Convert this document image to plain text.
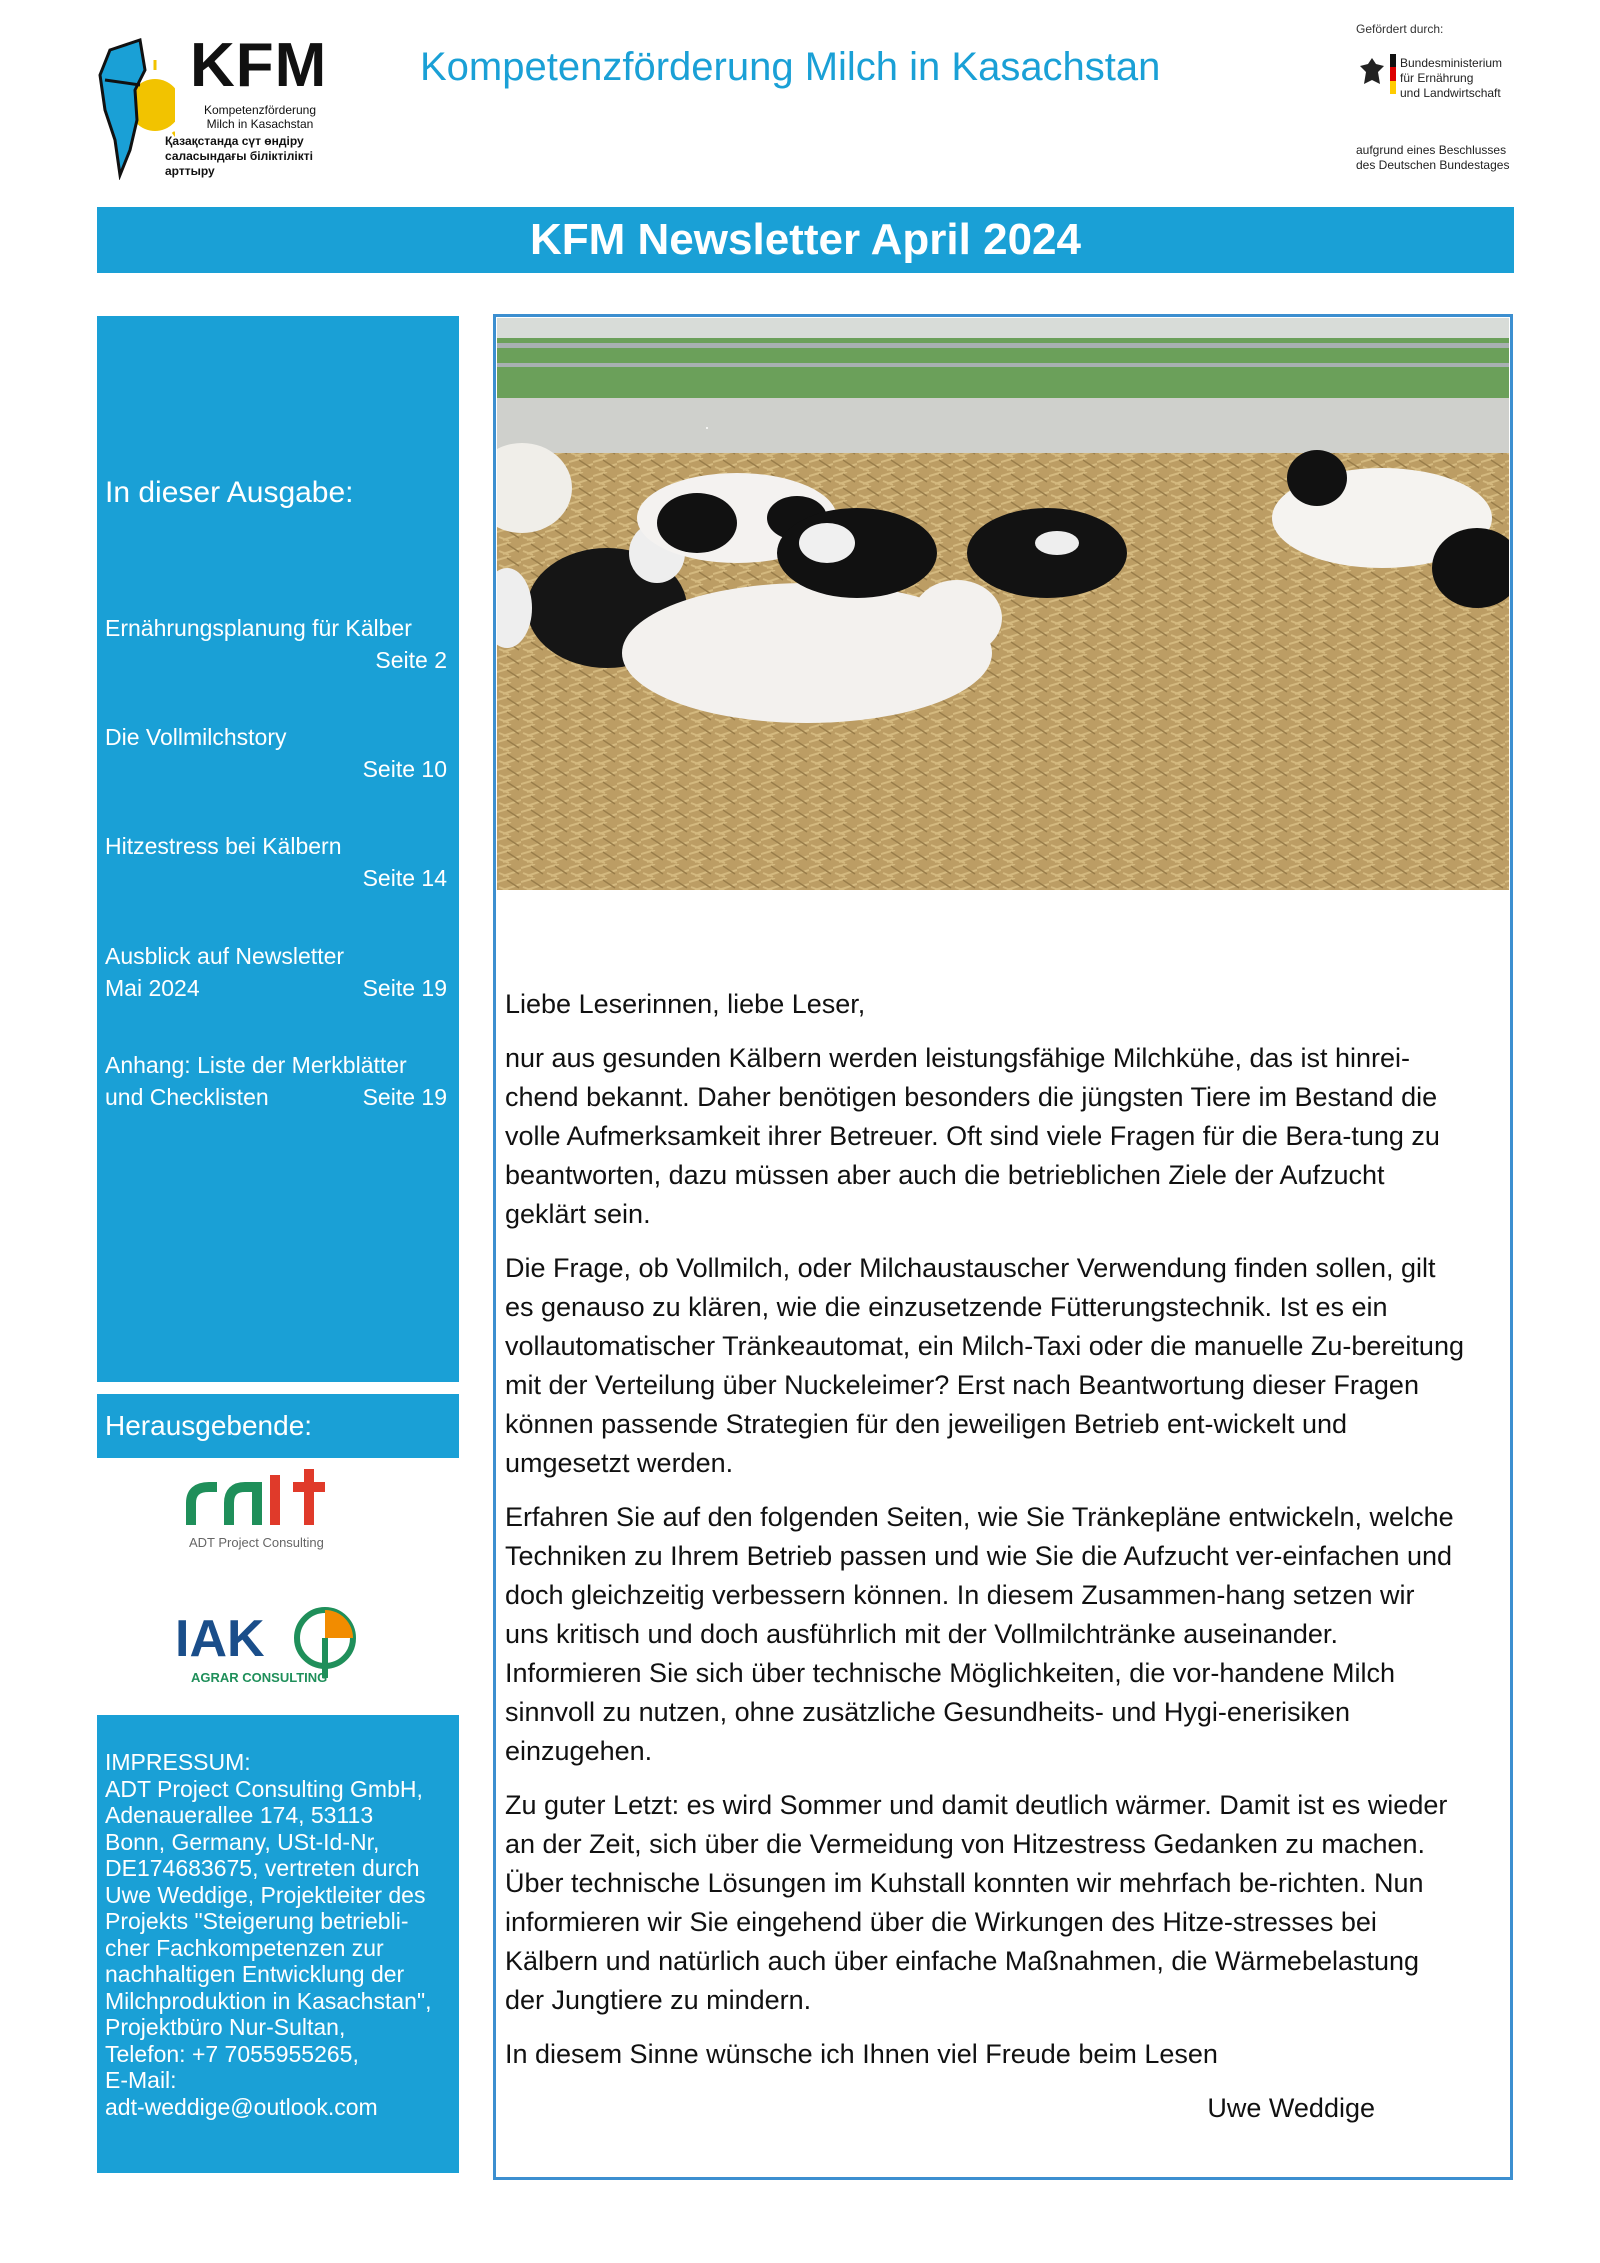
KFM
Kompetenzförderung Milch in Kasachstan
Қазақстанда сүт өндіру саласындағы біліктілікті арттыру
Kompetenzförderung Milch in Kasachstan
Gefördert durch:
Bundesministerium
für Ernährung
und Landwirtschaft
aufgrund eines Beschlusses
des Deutschen Bundestages
KFM Newsletter April 2024
In dieser Ausgabe:
Ernährungsplanung für Kälber
Seite 2
Die Vollmilchstory
Seite 10
Hitzestress bei Kälbern
Seite 14
Ausblick auf Newsletter
Mai 2024	Seite 19
Anhang: Liste der Merkblätter
und Checklisten	Seite 19
Herausgebende:
ADT Project Consulting
IAK
AGRAR CONSULTING
IMPRESSUM:
ADT Project Consulting GmbH,
Adenauerallee 174, 53113
Bonn, Germany, USt-Id-Nr,
DE174683675, vertreten durch
Uwe Weddige, Projektleiter des
Projekts "Steigerung betriebli-
cher Fachkompetenzen zur
nachhaltigen Entwicklung der
Milchproduktion in Kasachstan",
Projektbüro Nur-Sultan,
Telefon: +7 7055955265,
E-Mail:
adt-weddige@outlook.com

Liebe Leserinnen, liebe Leser,

nur aus gesunden Kälbern werden leistungsfähige Milchkühe, das ist hinrei-chend bekannt. Daher benötigen besonders die jüngsten Tiere im Bestand die volle Aufmerksamkeit ihrer Betreuer. Oft sind viele Fragen für die Bera-tung zu beantworten, dazu müssen aber auch die betrieblichen Ziele der Aufzucht geklärt sein.

Die Frage, ob Vollmilch, oder Milchaustauscher Verwendung finden sollen, gilt es genauso zu klären, wie die einzusetzende Fütterungstechnik. Ist es ein vollautomatischer Tränkeautomat, ein Milch-Taxi oder die manuelle Zu-bereitung mit der Verteilung über Nuckeleimer? Erst nach Beantwortung dieser Fragen können passende Strategien für den jeweiligen Betrieb ent-wickelt und umgesetzt werden.

Erfahren Sie auf den folgenden Seiten, wie Sie Tränkepläne entwickeln, welche Techniken zu Ihrem Betrieb passen und wie Sie die Aufzucht ver-einfachen und doch gleichzeitig verbessern können. In diesem Zusammen-hang setzen wir uns kritisch und doch ausführlich mit der Vollmilchtränke auseinander. Informieren Sie sich über technische Möglichkeiten, die vor-handene Milch sinnvoll zu nutzen, ohne zusätzliche Gesundheits- und Hygi-enerisiken einzugehen.

Zu guter Letzt: es wird Sommer und damit deutlich wärmer. Damit ist es wieder an der Zeit, sich über die Vermeidung von Hitzestress Gedanken zu machen. Über technische Lösungen im Kuhstall konnten wir mehrfach be-richten. Nun informieren wir Sie eingehend über die Wirkungen des Hitze-stresses bei Kälbern und natürlich auch über einfache Maßnahmen, die Wärmebelastung der Jungtiere zu mindern.

In diesem Sinne wünsche ich Ihnen viel Freude beim Lesen

Uwe Weddige
